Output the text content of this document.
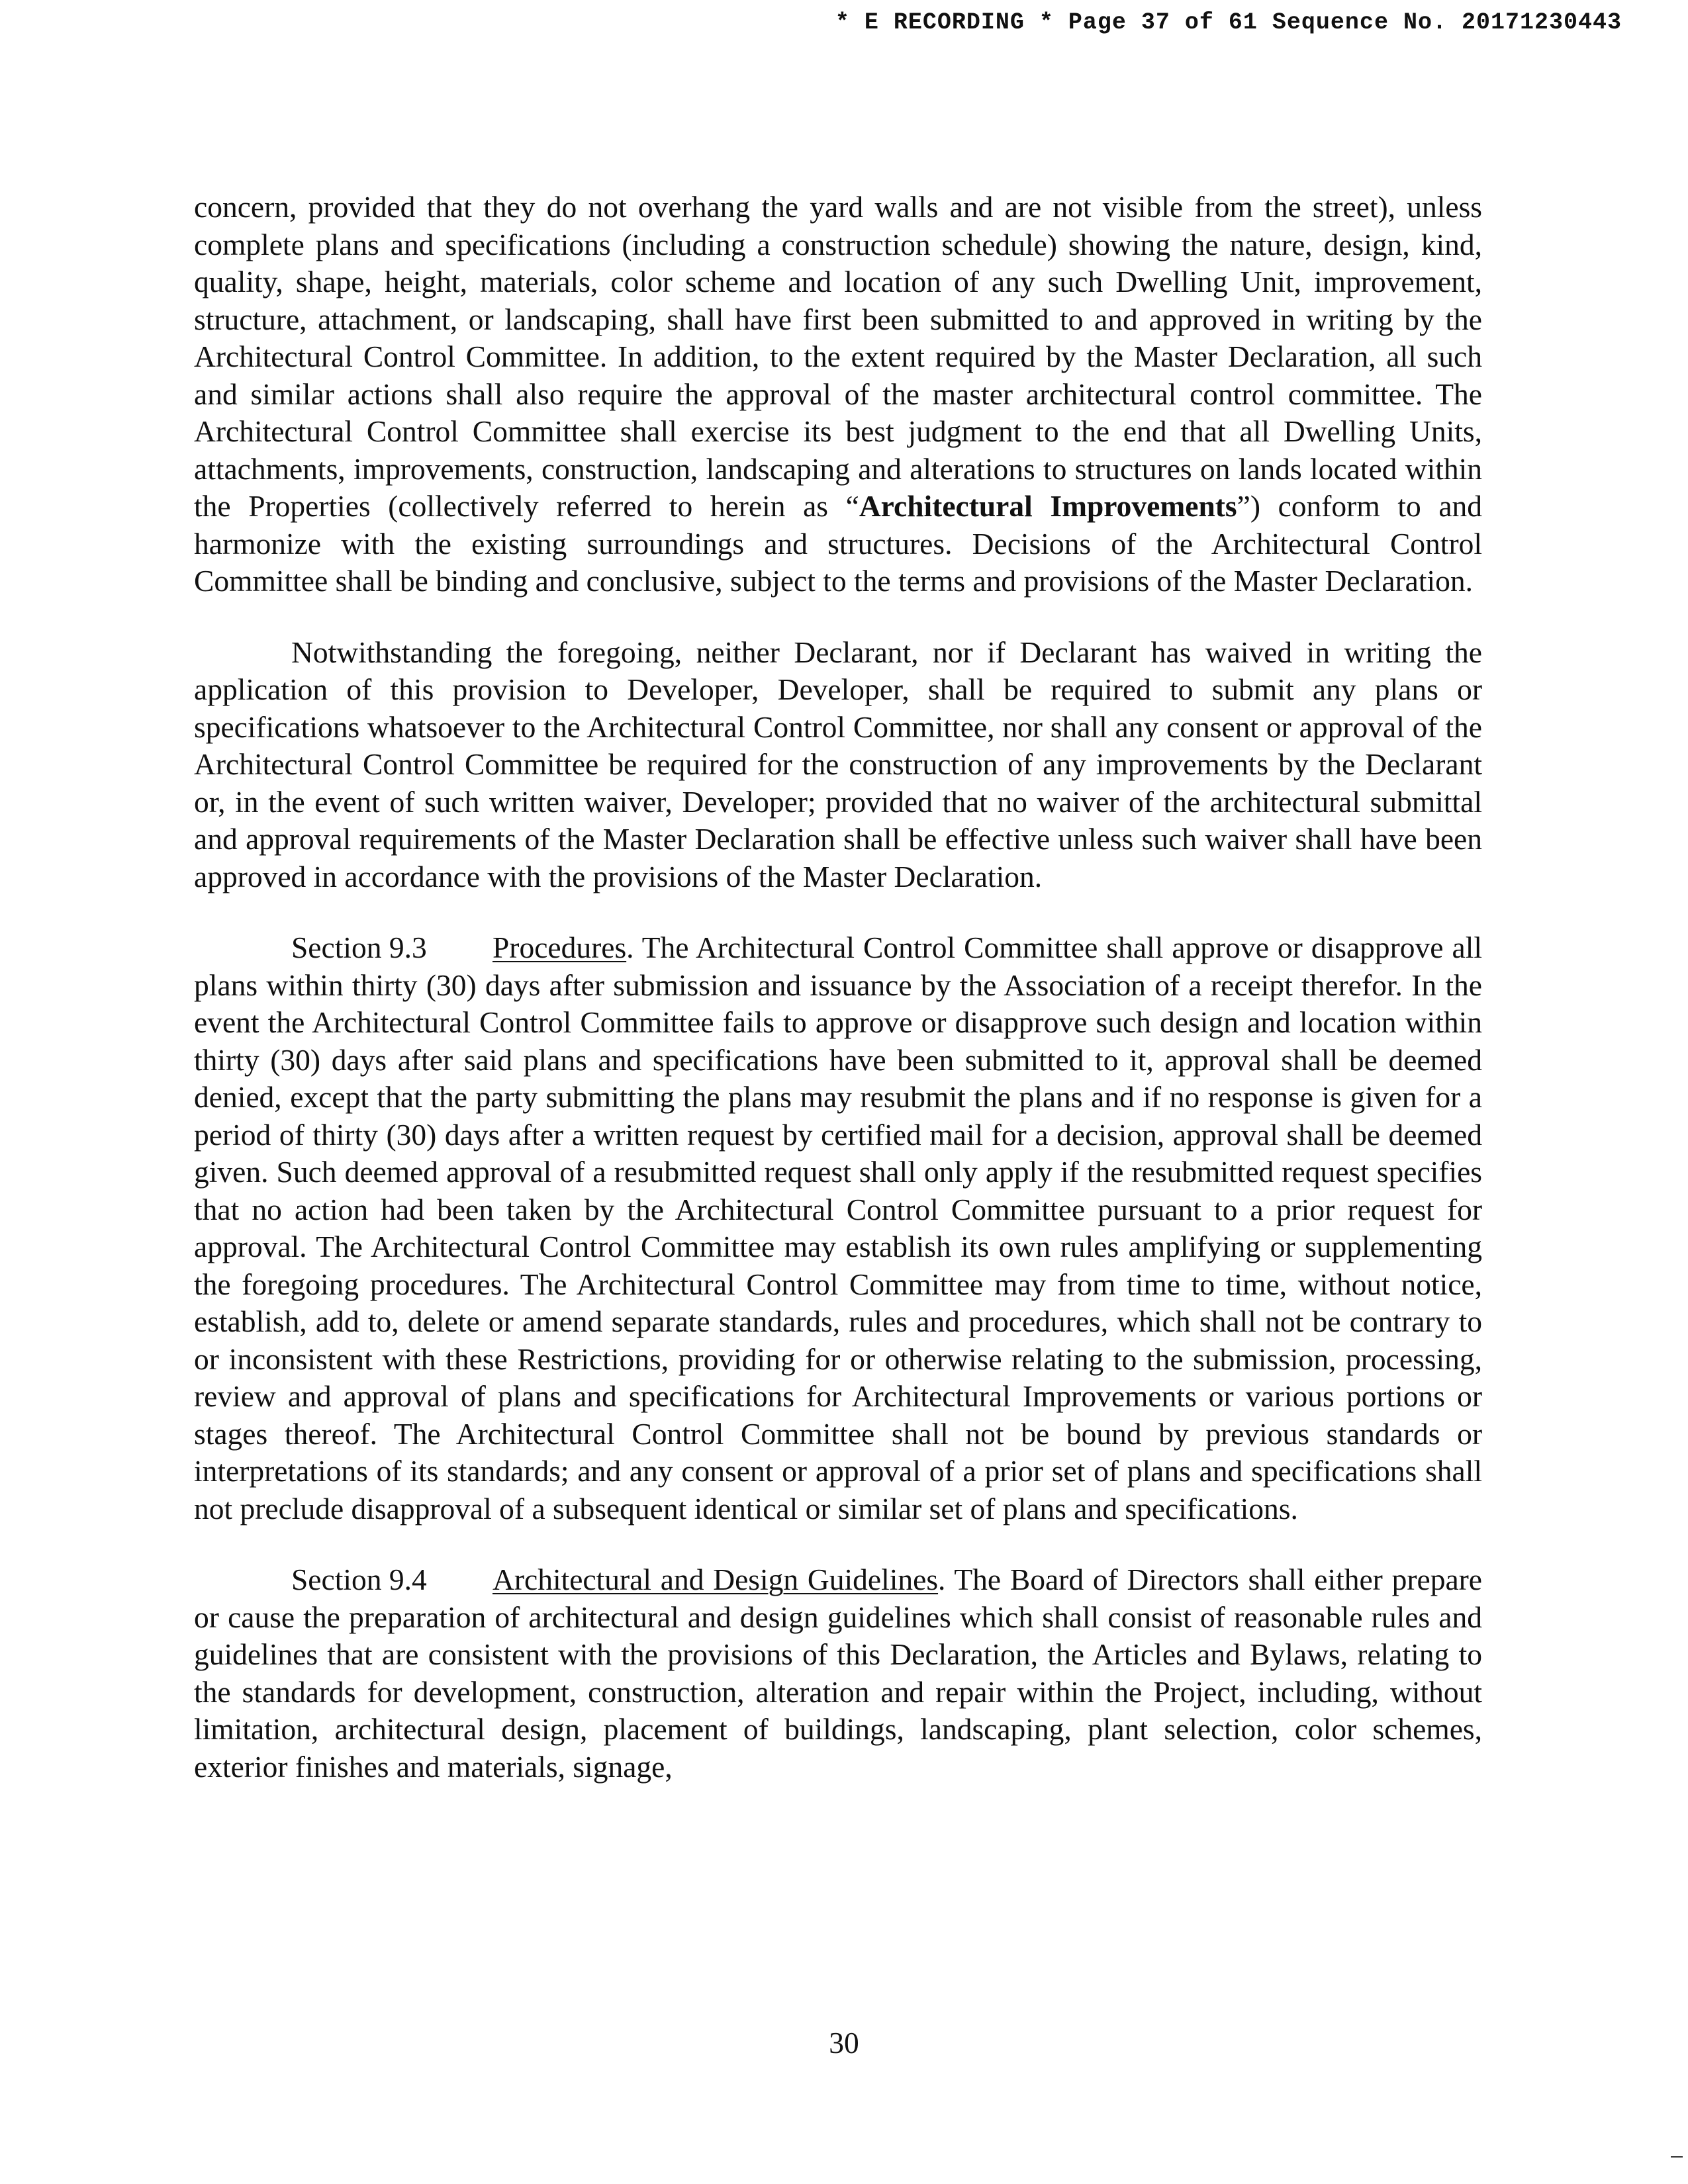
* E RECORDING * Page 37 of 61 Sequence No. 20171230443

concern, provided that they do not overhang the yard walls and are not visible from the street), unless complete plans and specifications (including a construction schedule) showing the nature, design, kind, quality, shape, height, materials, color scheme and location of any such Dwelling Unit, improvement, structure, attachment, or landscaping, shall have first been submitted to and approved in writing by the Architectural Control Committee. In addition, to the extent required by the Master Declaration, all such and similar actions shall also require the approval of the master architectural control committee. The Architectural Control Committee shall exercise its best judgment to the end that all Dwelling Units, attachments, improvements, construction, landscaping and alterations to structures on lands located within the Properties (collectively referred to herein as “Architectural Improvements”) conform to and harmonize with the existing surroundings and structures. Decisions of the Architectural Control Committee shall be binding and conclusive, subject to the terms and provisions of the Master Declaration.

Notwithstanding the foregoing, neither Declarant, nor if Declarant has waived in writing the application of this provision to Developer, Developer, shall be required to submit any plans or specifications whatsoever to the Architectural Control Committee, nor shall any consent or approval of the Architectural Control Committee be required for the construction of any improvements by the Declarant or, in the event of such written waiver, Developer; provided that no waiver of the architectural submittal and approval requirements of the Master Declaration shall be effective unless such waiver shall have been approved in accordance with the provisions of the Master Declaration.

Section 9.3 Procedures. The Architectural Control Committee shall approve or disapprove all plans within thirty (30) days after submission and issuance by the Association of a receipt therefor. In the event the Architectural Control Committee fails to approve or disapprove such design and location within thirty (30) days after said plans and specifications have been submitted to it, approval shall be deemed denied, except that the party submitting the plans may resubmit the plans and if no response is given for a period of thirty (30) days after a written request by certified mail for a decision, approval shall be deemed given. Such deemed approval of a resubmitted request shall only apply if the resubmitted request specifies that no action had been taken by the Architectural Control Committee pursuant to a prior request for approval. The Architectural Control Committee may establish its own rules amplifying or supplementing the foregoing procedures. The Architectural Control Committee may from time to time, without notice, establish, add to, delete or amend separate standards, rules and procedures, which shall not be contrary to or inconsistent with these Restrictions, providing for or otherwise relating to the submission, processing, review and approval of plans and specifications for Architectural Improvements or various portions or stages thereof. The Architectural Control Committee shall not be bound by previous standards or interpretations of its standards; and any consent or approval of a prior set of plans and specifications shall not preclude disapproval of a subsequent identical or similar set of plans and specifications.

Section 9.4 Architectural and Design Guidelines. The Board of Directors shall either prepare or cause the preparation of architectural and design guidelines which shall consist of reasonable rules and guidelines that are consistent with the provisions of this Declaration, the Articles and Bylaws, relating to the standards for development, construction, alteration and repair within the Project, including, without limitation, architectural design, placement of buildings, landscaping, plant selection, color schemes, exterior finishes and materials, signage,

30
